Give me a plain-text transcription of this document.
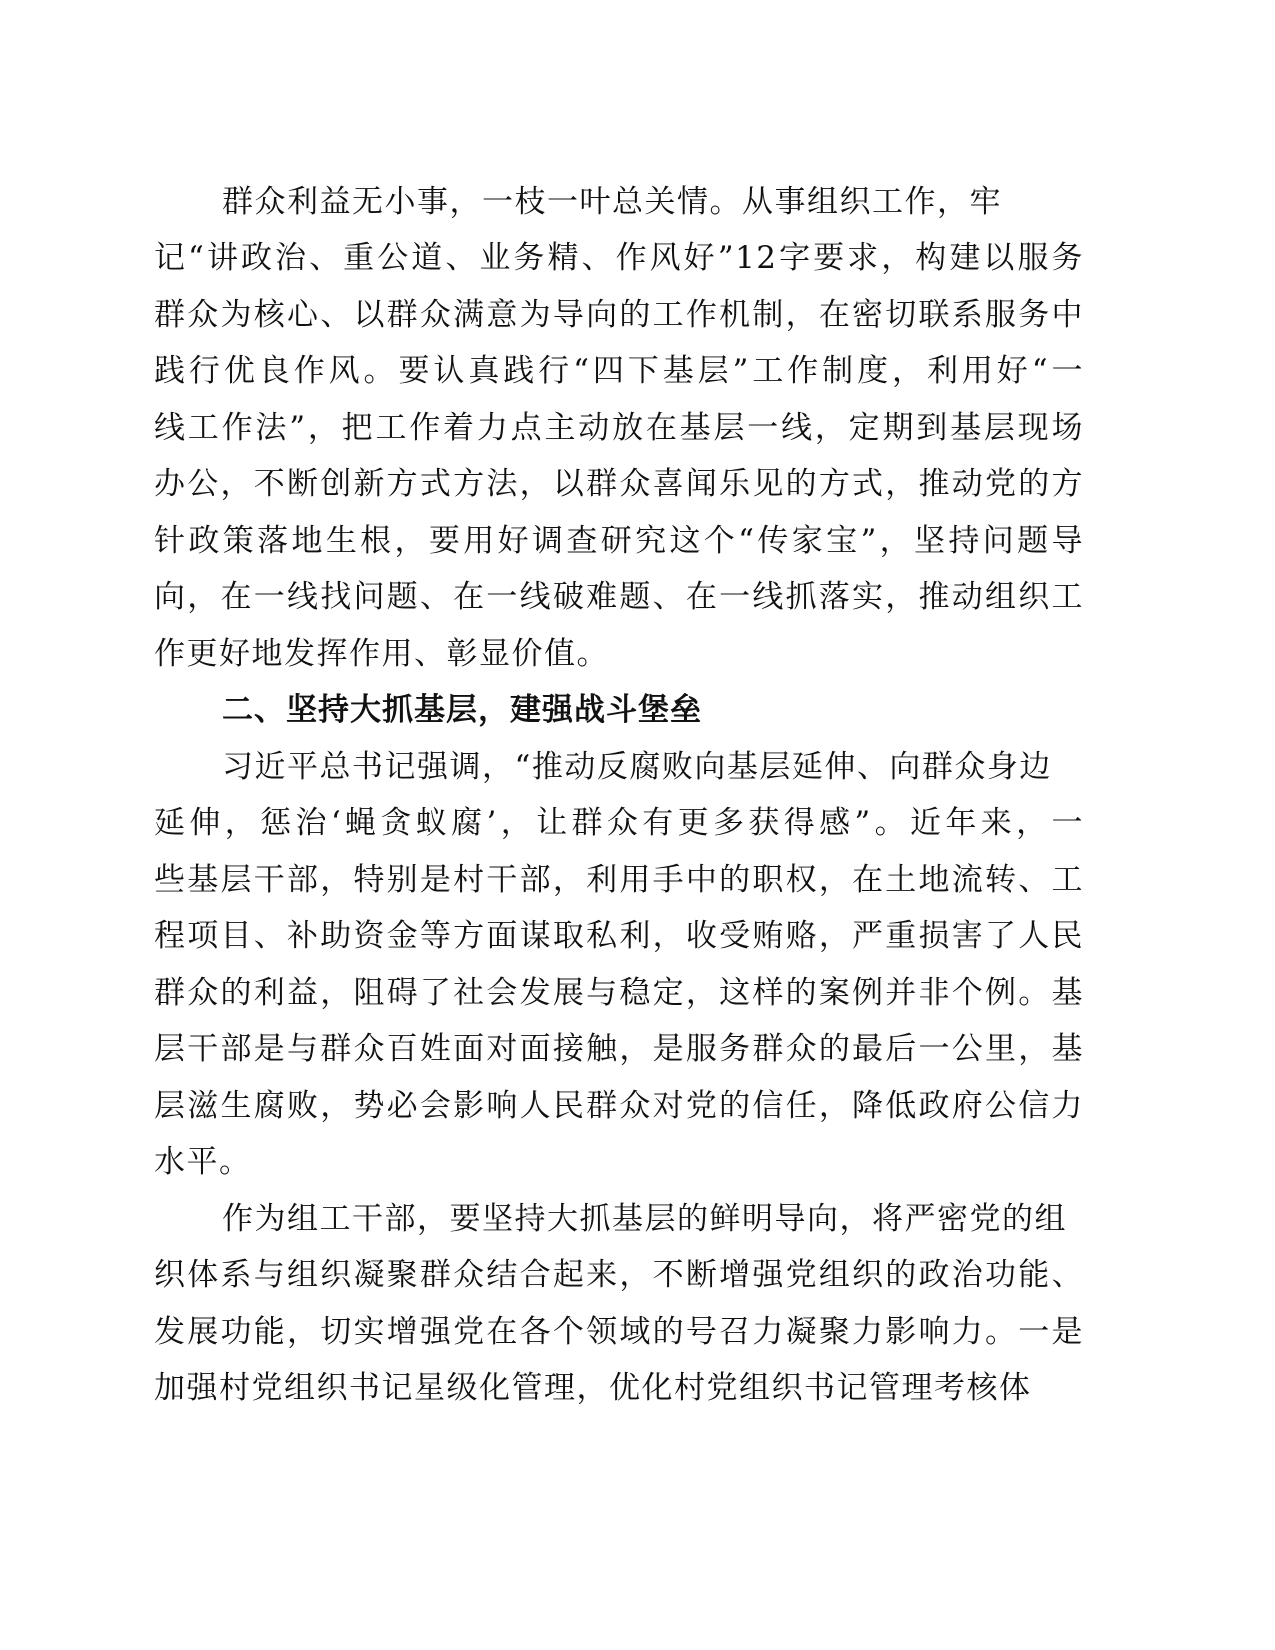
群众利益无小事，一枝一叶总关情。从事组织工作，牢

记“讲政治、重公道、业务精、作风好”12字要求，构建以服务

群众为核心、以群众满意为导向的工作机制，在密切联系服务中

践行优良作风。要认真践行“四下基层”工作制度，利用好“一

线工作法”，把工作着力点主动放在基层一线，定期到基层现场

办公，不断创新方式方法，以群众喜闻乐见的方式，推动党的方

针政策落地生根，要用好调查研究这个“传家宝”，坚持问题导

向，在一线找问题、在一线破难题、在一线抓落实，推动组织工

作更好地发挥作用、彰显价值。

二、坚持大抓基层，建强战斗堡垒

习近平总书记强调，“推动反腐败向基层延伸、向群众身边

延伸，惩治‘蝇贪蚁腐’，让群众有更多获得感”。近年来，一

些基层干部，特别是村干部，利用手中的职权，在土地流转、工

程项目、补助资金等方面谋取私利，收受贿赂，严重损害了人民

群众的利益，阻碍了社会发展与稳定，这样的案例并非个例。基

层干部是与群众百姓面对面接触，是服务群众的最后一公里，基

层滋生腐败，势必会影响人民群众对党的信任，降低政府公信力

水平。

作为组工干部，要坚持大抓基层的鲜明导向，将严密党的组

织体系与组织凝聚群众结合起来，不断增强党组织的政治功能、

发展功能，切实增强党在各个领域的号召力凝聚力影响力。一是

加强村党组织书记星级化管理，优化村党组织书记管理考核体
